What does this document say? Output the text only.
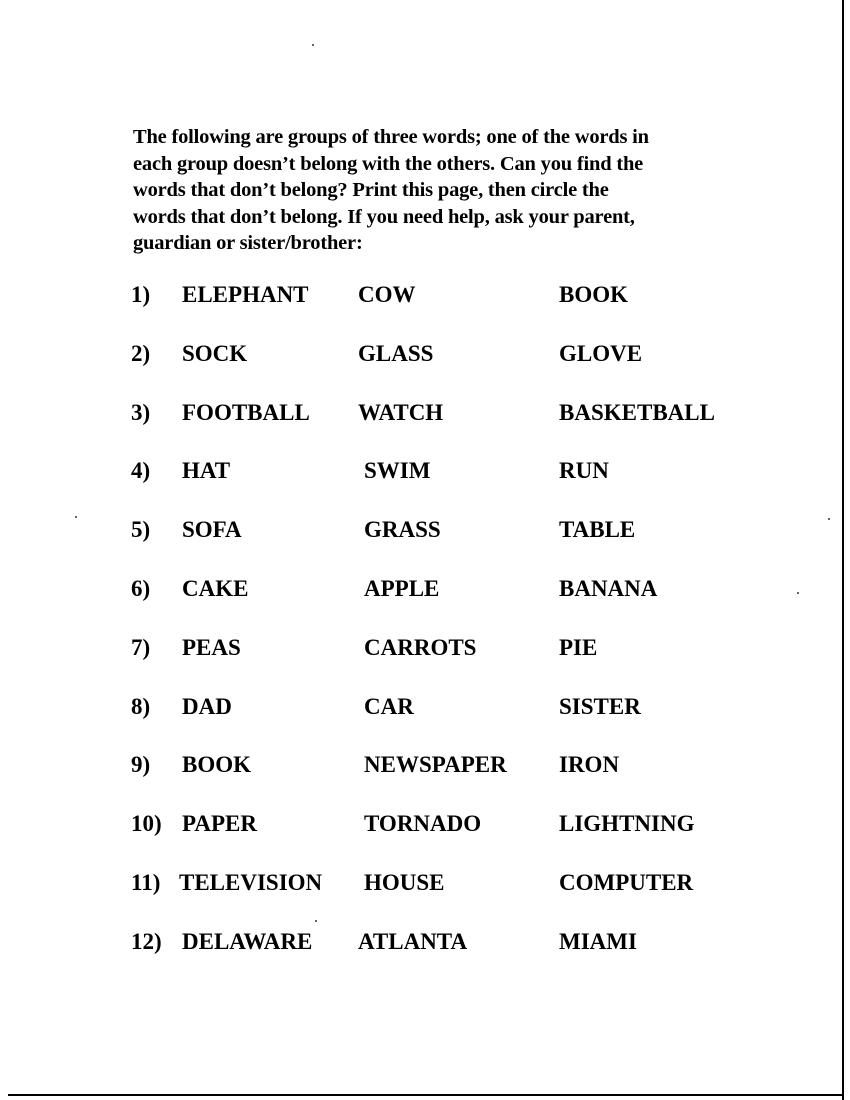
The following are groups of three words; one of the words in
each group doesn’t belong with the others. Can you find the
words that don’t belong? Print this page, then circle the
words that don’t belong. If you need help, ask your parent,
guardian or sister/brother:
1) ELEPHANT COW	BOOK
2) SOCK	GLASS	GLOVE
3) FOOTBALL WATCH	BASKETBALL
4) HAT	SWIM	RUN
5) SOFA	GRASS	TABLE
6) CAKE	APPLE	BANANA
7) PEAS	CARROTS	PIE
8) DAD	CAR	SISTER
9) BOOK	NEWSPAPER IRON
10) PAPER	TORNADO	LIGHTNING
11) TELEVISION HOUSE	COMPUTER
12) DELAWARE ATLANTA	MIAMI
